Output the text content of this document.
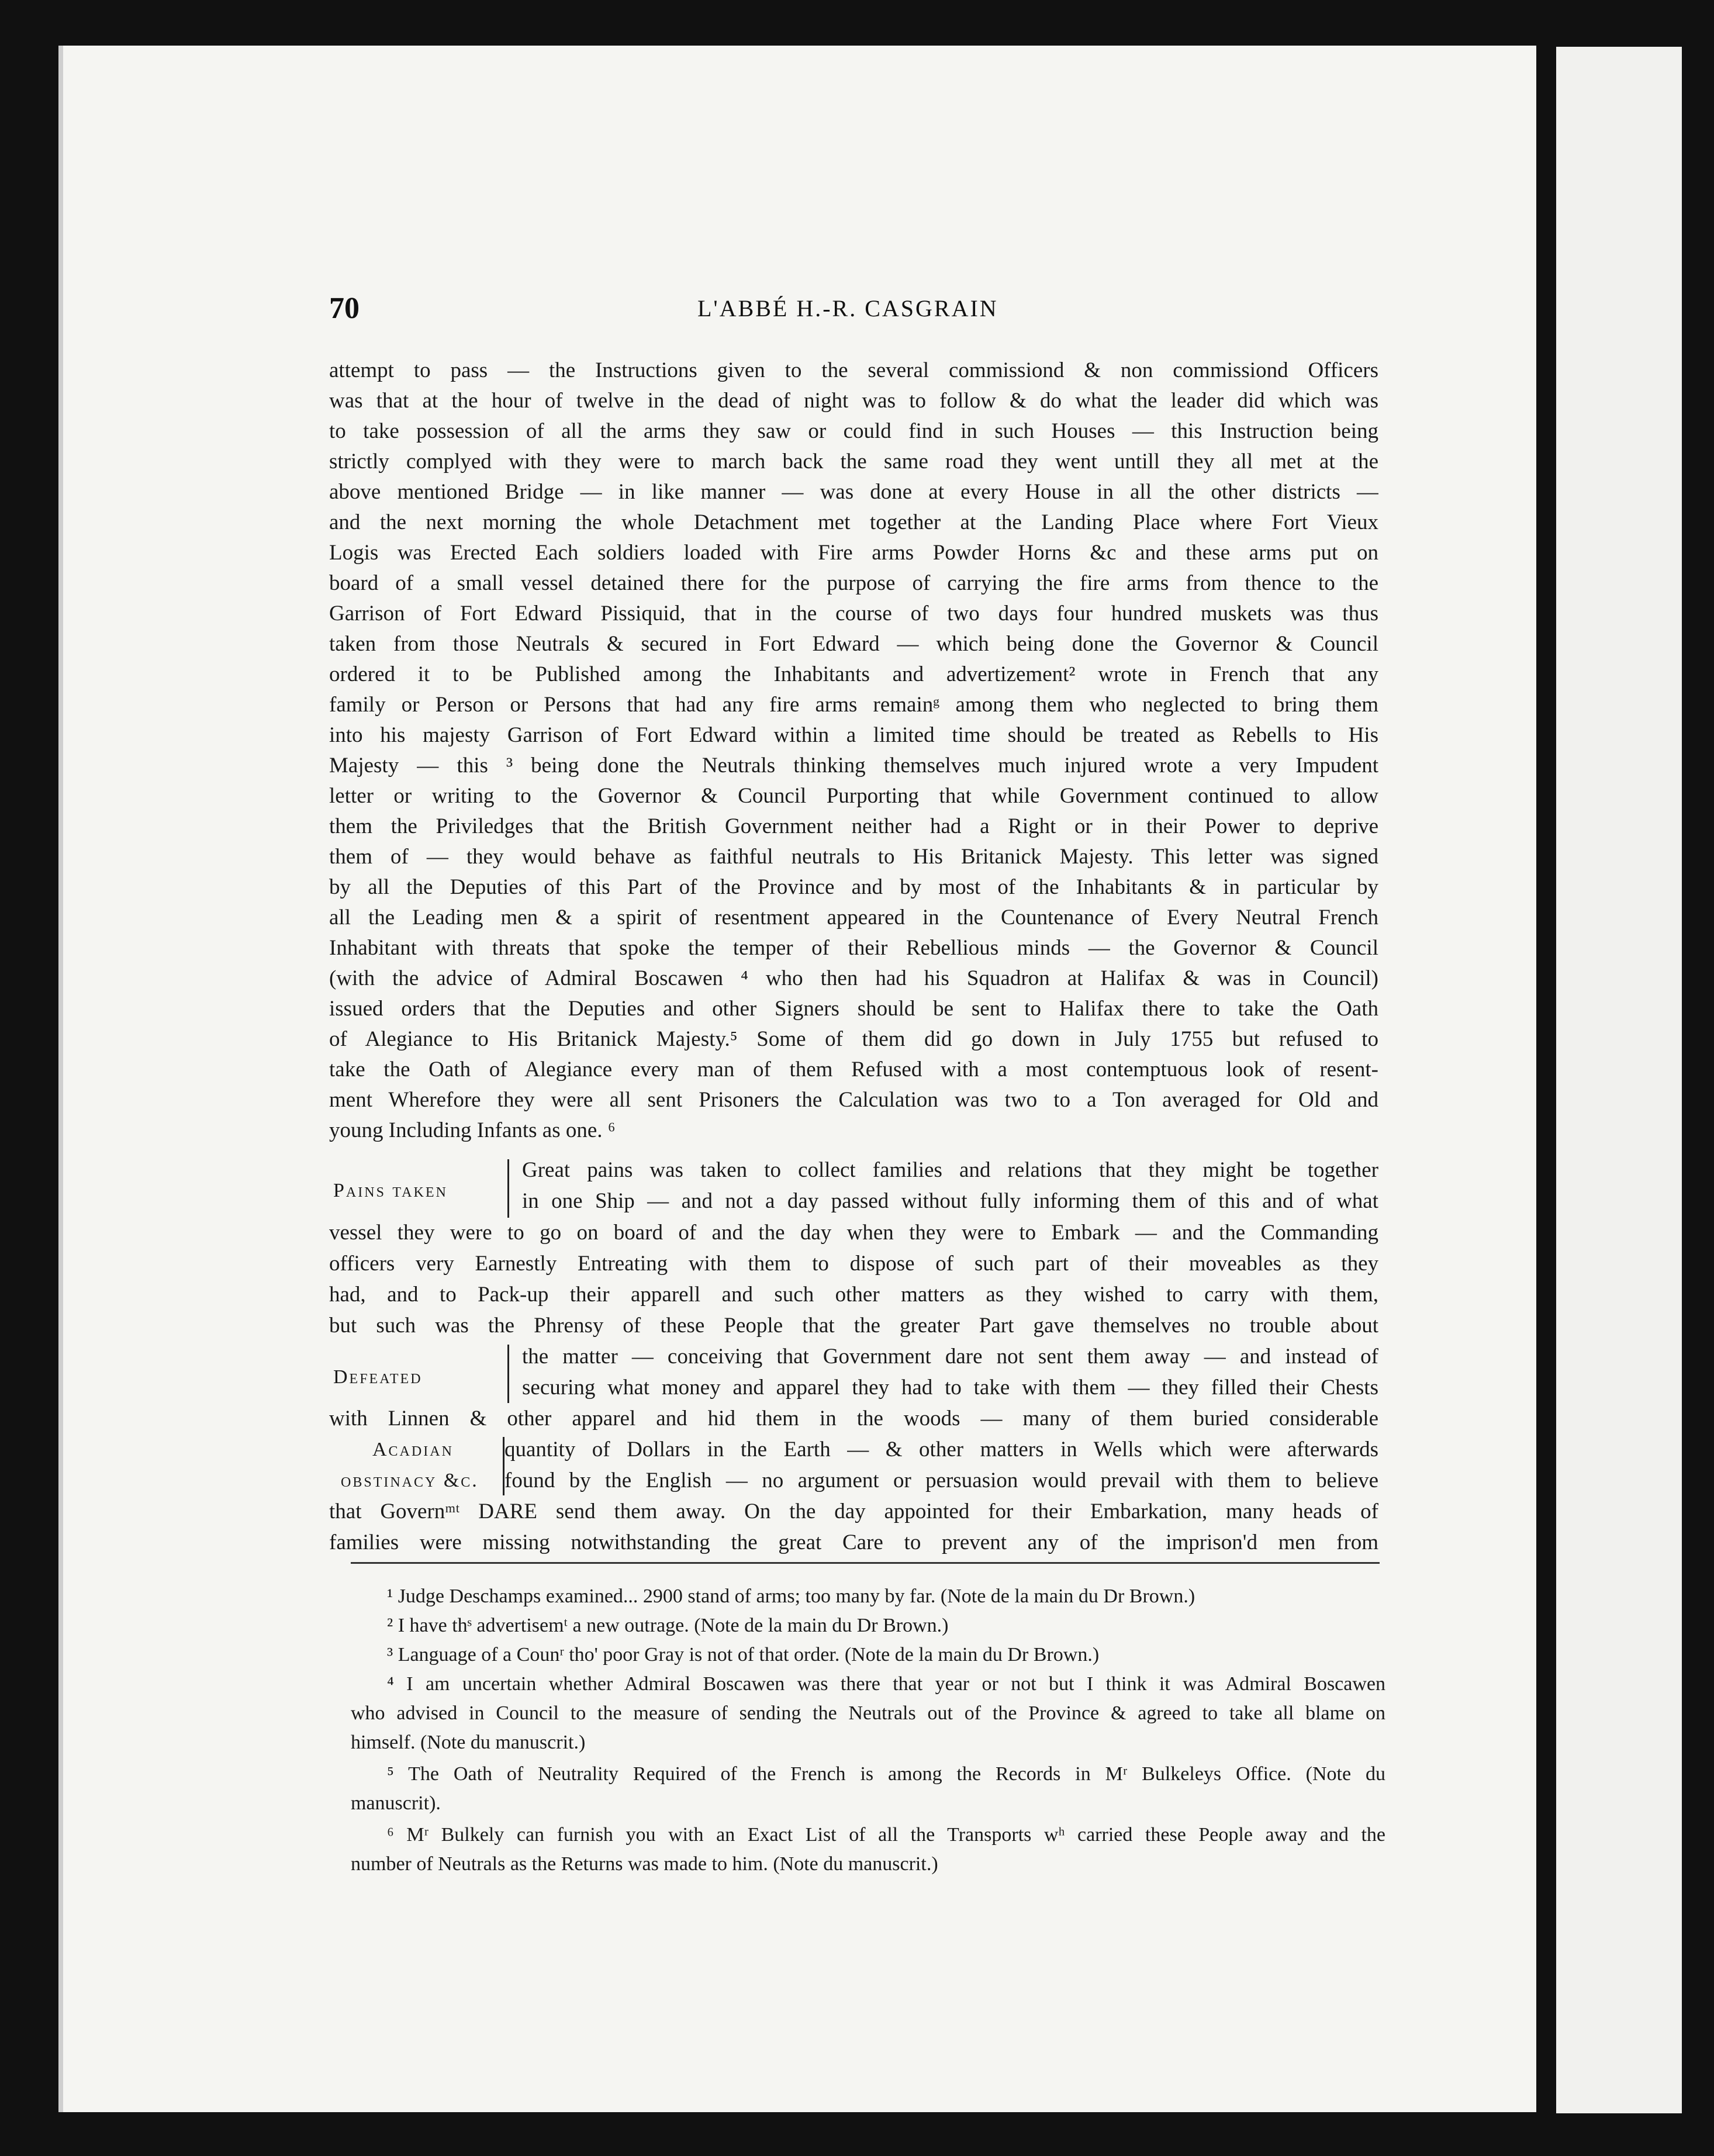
70	L'ABBÉ H.-R. CASGRAIN
attempt to pass — the Instructions given to the several commissiond & non commissiond Officers
was that at the hour of twelve in the dead of night was to follow & do what the leader did which was
to take possession of all the arms they saw or could find in such Houses — this Instruction being
strictly complyed with they were to march back the same road they went untill they all met at the
above mentioned Bridge — in like manner — was done at every House in all the other districts —
and the next morning the whole Detachment met together at the Landing Place where Fort Vieux
Logis was Erected Each soldiers loaded with Fire arms Powder Horns &c and these arms put on
board of a small vessel detained there for the purpose of carrying the fire arms from thence to the
Garrison of Fort Edward Pissiquid, that in the course of two days four hundred muskets was thus
taken from those Neutrals & secured in Fort Edward — which being done the Governor & Council
ordered it to be Published among the Inhabitants and advertizement² wrote in French that any
family or Person or Persons that had any fire arms remainᵍ among them who neglected to bring them
into his majesty Garrison of Fort Edward within a limited time should be treated as Rebells to His
Majesty — this ³ being done the Neutrals thinking themselves much injured wrote a very Impudent
letter or writing to the Governor & Council Purporting that while Government continued to allow
them the Priviledges that the British Government neither had a Right or in their Power to deprive
them of — they would behave as faithful neutrals to His Britanick Majesty. This letter was signed
by all the Deputies of this Part of the Province and by most of the Inhabitants & in particular by
all the Leading men & a spirit of resentment appeared in the Countenance of Every Neutral French
Inhabitant with threats that spoke the temper of their Rebellious minds — the Governor & Council
(with the advice of Admiral Boscawen ⁴ who then had his Squadron at Halifax & was in Council)
issued orders that the Deputies and other Signers should be sent to Halifax there to take the Oath
of Alegiance to His Britanick Majesty.⁵ Some of them did go down in July 1755 but refused to
take the Oath of Alegiance every man of them Refused with a most contemptuous look of resent-
ment Wherefore they were all sent Prisoners the Calculation was two to a Ton averaged for Old and
young Including Infants as one. ⁶
Great pains was taken to collect families and relations that they might be together
in one Ship — and not a day passed without fully informing them of this and of what
vessel they were to go on board of and the day when they were to Embark — and the Commanding
officers very Earnestly Entreating with them to dispose of such part of their moveables as they
had, and to Pack-up their apparell and such other matters as they wished to carry with them,
but such was the Phrensy of these People that the greater Part gave themselves no trouble about
the matter — conceiving that Government dare not sent them away — and instead of
securing what money and apparel they had to take with them — they filled their Chests
with Linnen & other apparel and hid them in the woods — many of them buried considerable
quantity of Dollars in the Earth — & other matters in Wells which were afterwards
found by the English — no argument or persuasion would prevail with them to believe
that Governᵐᵗ DARE send them away. On the day appointed for their Embarkation, many heads of
families were missing notwithstanding the great Care to prevent any of the imprison'd men from
Pains taken
Defeated
Acadian
obstinacy &c.
¹ Judge Deschamps examined... 2900 stand of arms; too many by far. (Note de la main du Dr Brown.)
² I have thˢ advertisemᵗ a new outrage. (Note de la main du Dr Brown.)
³ Language of a Counʳ tho' poor Gray is not of that order. (Note de la main du Dr Brown.)
⁴ I am uncertain whether Admiral Boscawen was there that year or not but I think it was Admiral Boscawen
who advised in Council to the measure of sending the Neutrals out of the Province & agreed to take all blame on
himself. (Note du manuscrit.)
⁵ The Oath of Neutrality Required of the French is among the Records in Mʳ Bulkeleys Office. (Note du
manuscrit).
⁶ Mʳ Bulkely can furnish you with an Exact List of all the Transports wʰ carried these People away and the
number of Neutrals as the Returns was made to him. (Note du manuscrit.)
